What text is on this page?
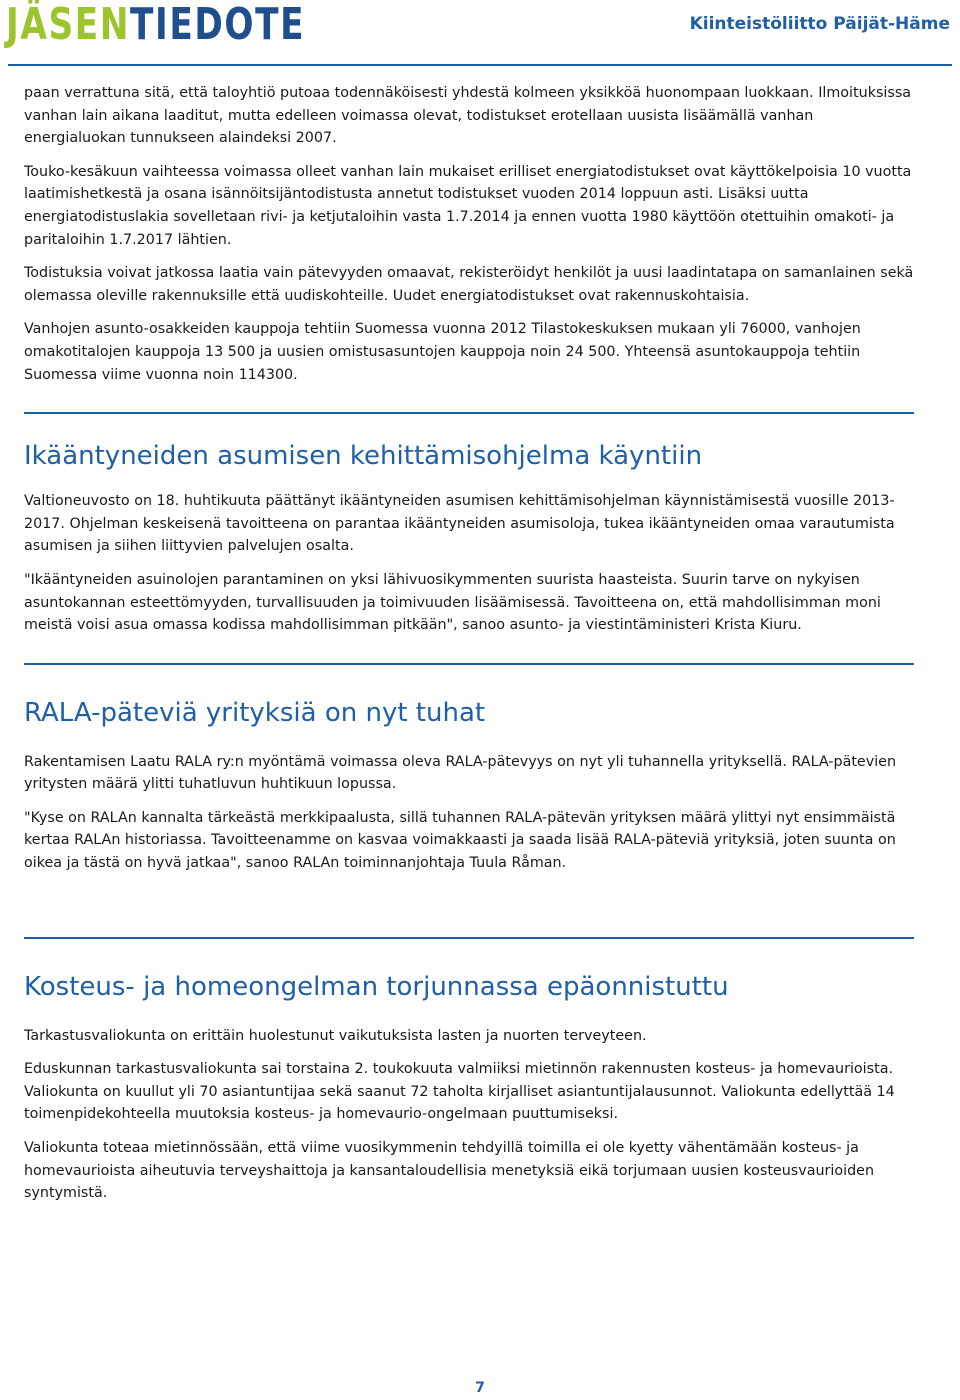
JÄSENTIEDOTE	Kiinteistöliitto Päijät-Häme

paan verrattuna sitä, että taloyhtiö putoaa todennäköisesti yhdestä kolmeen yksikköä huonompaan luokkaan. Ilmoituksissa vanhan lain aikana laaditut, mutta edelleen voimassa olevat, todistukset erotellaan uusista lisäämällä vanhan energialuokan tunnukseen alaindeksi 2007.

Touko-kesäkuun vaihteessa voimassa olleet vanhan lain mukaiset erilliset energiatodistukset ovat käyttökelpoisia 10 vuotta laatimishetkestä ja osana isännöitsijäntodistusta annetut todistukset vuoden 2014 loppuun asti. Lisäksi uutta energiatodistuslakia sovelletaan rivi- ja ketjutaloihin vasta 1.7.2014 ja ennen vuotta 1980 käyttöön otettuihin omakoti- ja paritaloihin 1.7.2017 lähtien.

Todistuksia voivat jatkossa laatia vain pätevyyden omaavat, rekisteröidyt henkilöt ja uusi laadintatapa on samanlainen sekä olemassa oleville rakennuksille että uudiskohteille. Uudet energiatodistukset ovat rakennuskohtaisia.

Vanhojen asunto-osakkeiden kauppoja tehtiin Suomessa vuonna 2012 Tilastokeskuksen mukaan yli 76000, vanhojen omakotitalojen kauppoja 13 500 ja uusien omistusasuntojen kauppoja noin 24 500. Yhteensä asuntokauppoja tehtiin Suomessa viime vuonna noin 114300.

Ikääntyneiden asumisen kehittämisohjelma käyntiin

Valtioneuvosto on 18. huhtikuuta päättänyt ikääntyneiden asumisen kehittämisohjelman käynnistämisestä vuosille 2013-2017. Ohjelman keskeisenä tavoitteena on parantaa ikääntyneiden asumisoloja, tukea ikääntyneiden omaa varautumista asumisen ja siihen liittyvien palvelujen osalta.

"Ikääntyneiden asuinolojen parantaminen on yksi lähivuosikymmenten suurista haasteista. Suurin tarve on nykyisen asuntokannan esteettömyyden, turvallisuuden ja toimivuuden lisäämisessä. Tavoitteena on, että mahdollisimman moni meistä voisi asua omassa kodissa mahdollisimman pitkään", sanoo asunto- ja viestintäministeri Krista Kiuru.

RALA-päteviä yrityksiä on nyt tuhat

Rakentamisen Laatu RALA ry:n myöntämä voimassa oleva RALA-pätevyys on nyt yli tuhannella yrityksellä. RALA-pätevien yritysten määrä ylitti tuhatluvun huhtikuun lopussa.

"Kyse on RALAn kannalta tärkeästä merkkipaalusta, sillä tuhannen RALA-pätevän yrityksen määrä ylittyi nyt ensimmäistä kertaa RALAn historiassa. Tavoitteenamme on kasvaa voimakkaasti ja saada lisää RALA-päteviä yrityksiä, joten suunta on oikea ja tästä on hyvä jatkaa", sanoo RALAn toiminnanjohtaja Tuula Råman.

Kosteus- ja homeongelman torjunnassa epäonnistuttu

Tarkastusvaliokunta on erittäin huolestunut vaikutuksista lasten ja nuorten terveyteen.

Eduskunnan tarkastusvaliokunta sai torstaina 2. toukokuuta valmiiksi mietinnön rakennusten kosteus- ja homevaurioista. Valiokunta on kuullut yli 70 asiantuntijaa sekä saanut 72 taholta kirjalliset asiantuntijalausunnot. Valiokunta edellyttää 14 toimenpidekohteella muutoksia kosteus- ja homevaurio-ongelmaan puuttumiseksi.

Valiokunta toteaa mietinnössään, että viime vuosikymmenin tehdyillä toimilla ei ole kyetty vähentämään kosteus- ja homevaurioista aiheutuvia terveyshaittoja ja kansantaloudellisia menetyksiä eikä torjumaan uusien kosteusvaurioiden syntymistä.

7
